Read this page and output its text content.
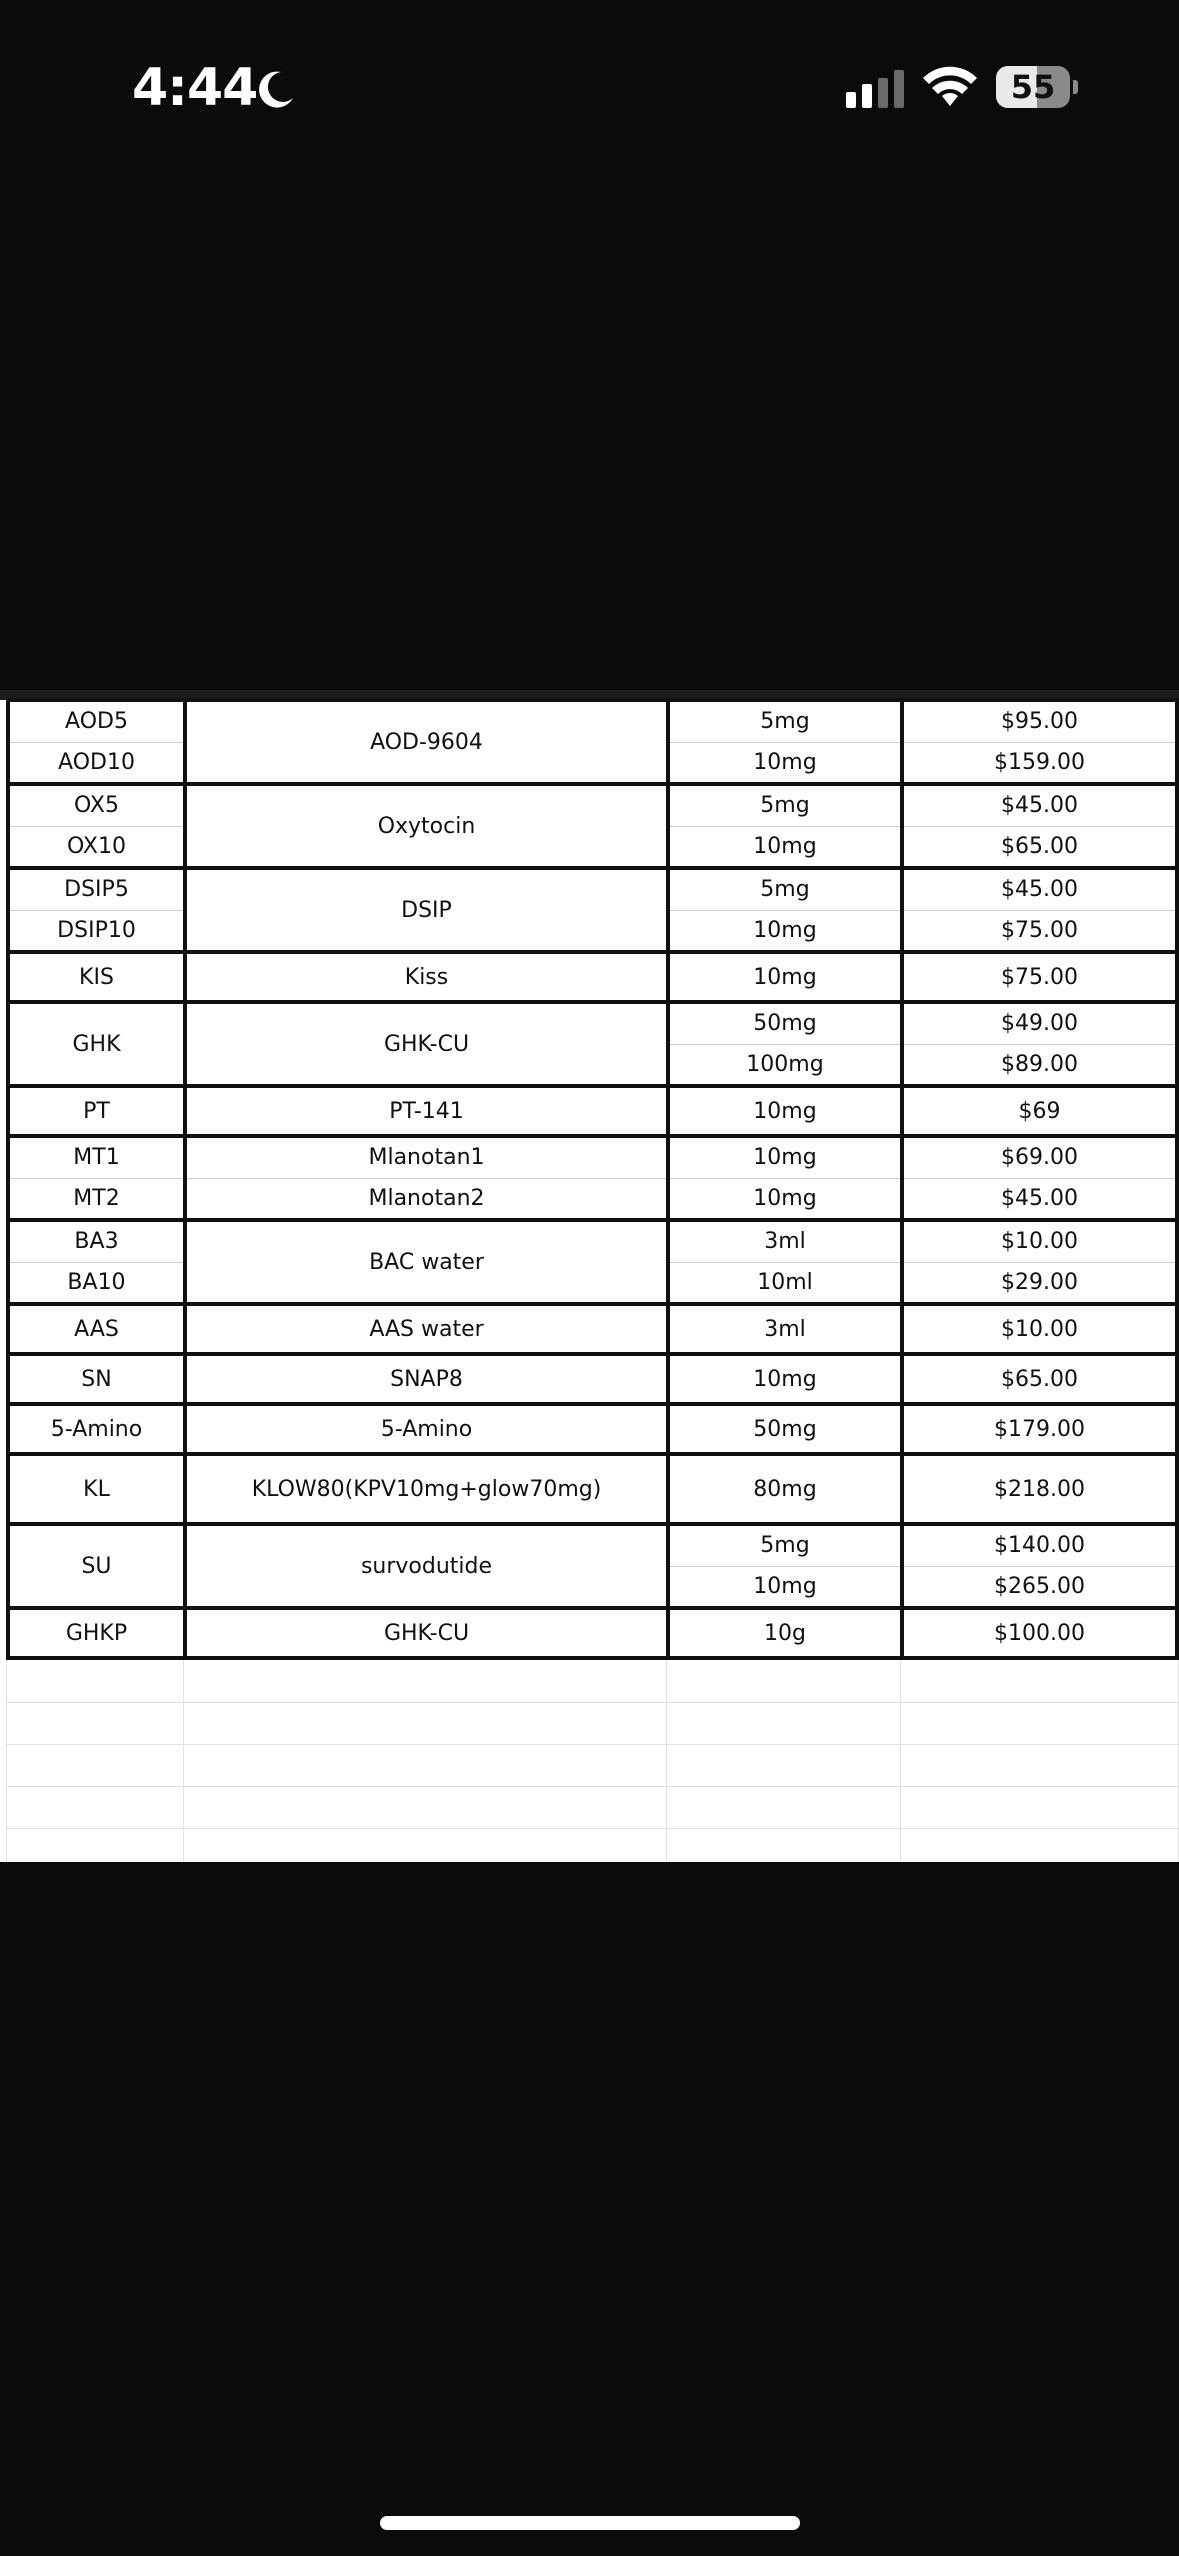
4:44	55
AOD5	AOD-9604	5mg	$95.00
AOD10		10mg	$159.00
OX5	Oxytocin	5mg	$45.00
OX10		10mg	$65.00
DSIP5	DSIP	5mg	$45.00
DSIP10		10mg	$75.00
KIS	Kiss	10mg	$75.00
GHK	GHK-CU	50mg	$49.00
		100mg	$89.00
PT	PT-141	10mg	$69
MT1	Mlanotan1	10mg	$69.00
MT2	Mlanotan2	10mg	$45.00
BA3	BAC water	3ml	$10.00
BA10		10ml	$29.00
AAS	AAS water	3ml	$10.00
SN	SNAP8	10mg	$65.00
5-Amino	5-Amino	50mg	$179.00
KL	KLOW80(KPV10mg+glow70mg)	80mg	$218.00
SU	survodutide	5mg	$140.00
		10mg	$265.00
GHKP	GHK-CU	10g	$100.00
